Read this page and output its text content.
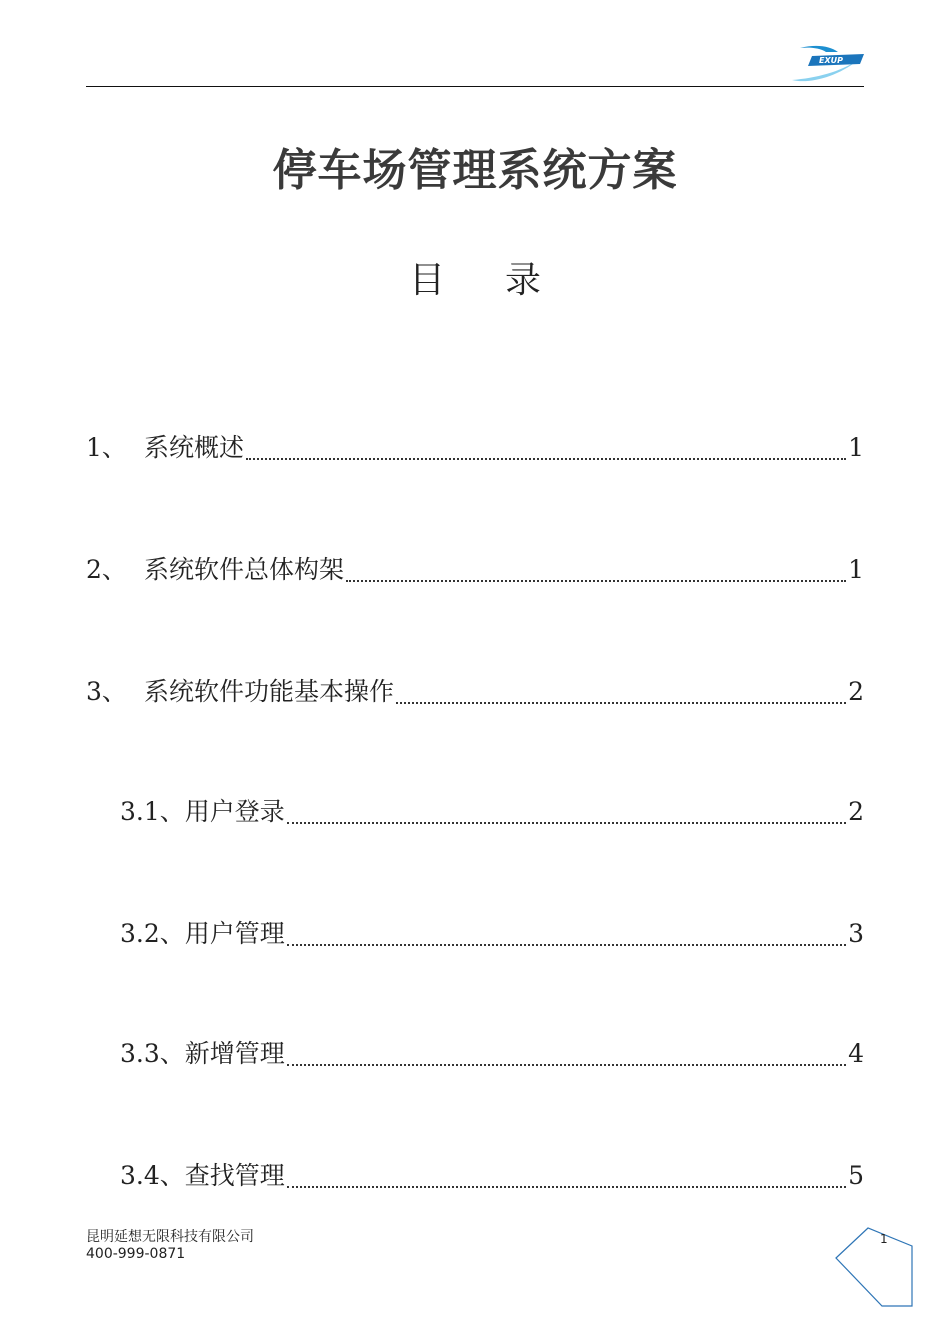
EXUP
停车场管理系统方案
目 录
1、 系统概述	1
2、 系统软件总体构架	1
3、 系统软件功能基本操作	2
3.1、 用户登录	2
3.2、 用户管理	3
3.3、 新增管理	4
3.4、 查找管理	5
昆明延想无限科技有限公司
400-999-0871
1
